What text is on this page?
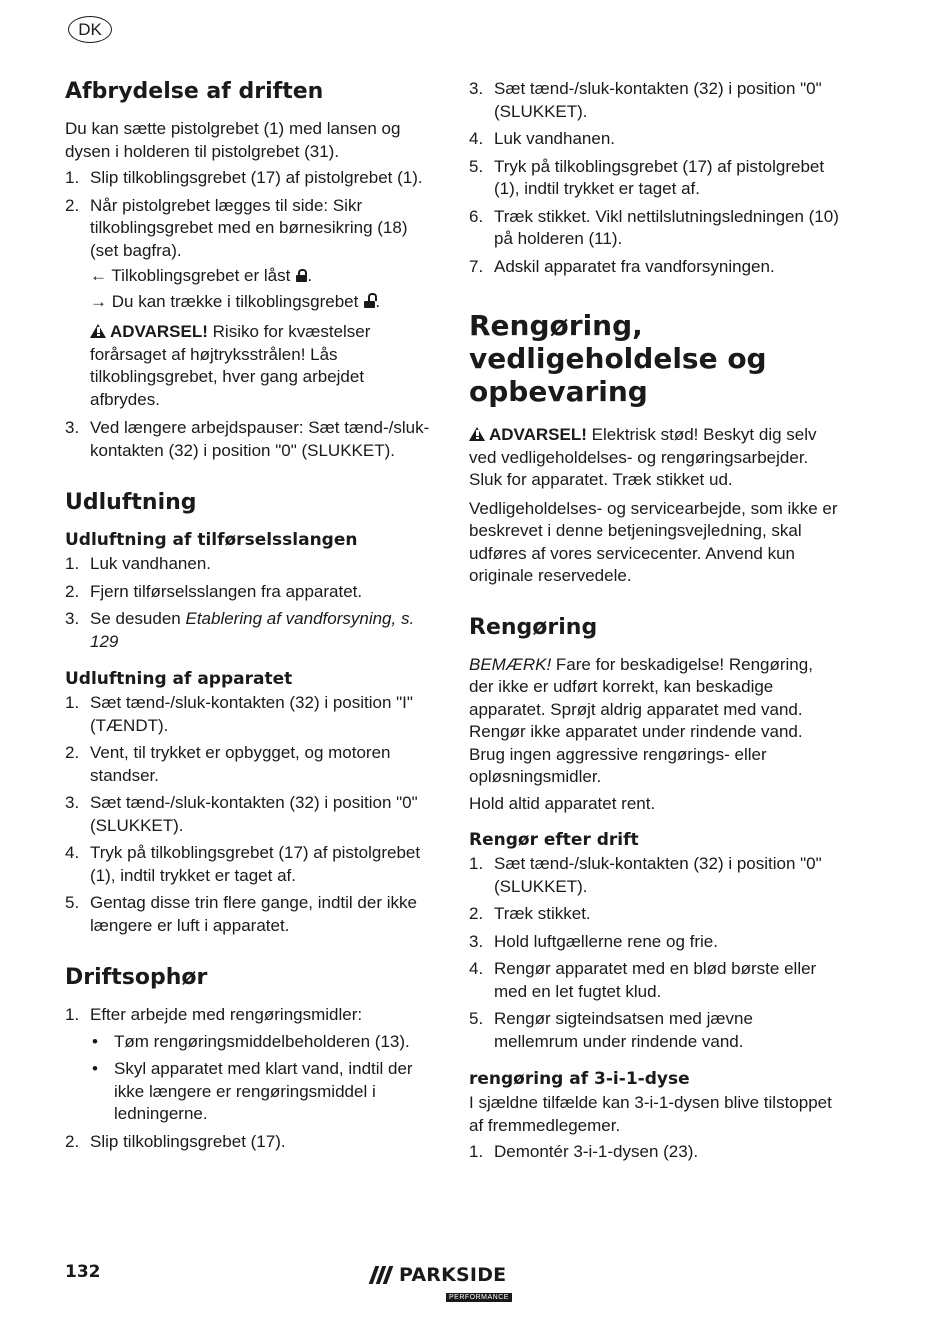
DK
Afbrydelse af driften

Du kan sætte pistolgrebet (1) med lansen og dysen i holderen til pistolgrebet (31).

1. Slip tilkoblingsgrebet (17) af pistolgrebet (1).
2. Når pistolgrebet lægges til side: Sikr tilkoblingsgrebet med en børnesikring (18) (set bagfra).
← Tilkoblingsgrebet er låst .
→ Du kan trække i tilkoblingsgrebet .
ADVARSEL! Risiko for kvæstelser forårsaget af højtryksstrålen! Lås tilkoblingsgrebet, hver gang arbejdet afbrydes.
3. Ved længere arbejdspauser: Sæt tænd-/sluk-kontakten (32) i position "0" (SLUKKET).
Udluftning
Udluftning af tilførselsslangen
1. Luk vandhanen.
2. Fjern tilførselsslangen fra apparatet.
3. Se desuden Etablering af vandforsyning, s. 129
Udluftning af apparatet
1. Sæt tænd-/sluk-kontakten (32) i position "I" (TÆNDT).
2. Vent, til trykket er opbygget, og motoren standser.
3. Sæt tænd-/sluk-kontakten (32) i position "0" (SLUKKET).
4. Tryk på tilkoblingsgrebet (17) af pistolgrebet (1), indtil trykket er taget af.
5. Gentag disse trin flere gange, indtil der ikke længere er luft i apparatet.
Driftsophør
1. Efter arbejde med rengøringsmidler:
• Tøm rengøringsmiddelbeholderen (13).
• Skyl apparatet med klart vand, indtil der ikke længere er rengøringsmiddel i ledningerne.
2. Slip tilkoblingsgrebet (17).
3. Sæt tænd-/sluk-kontakten (32) i position "0" (SLUKKET).
4. Luk vandhanen.
5. Tryk på tilkoblingsgrebet (17) af pistolgrebet (1), indtil trykket er taget af.
6. Træk stikket. Vikl nettilslutningsledningen (10) på holderen (11).
7. Adskil apparatet fra vandforsyningen.
Rengøring, vedligeholdelse og opbevaring
ADVARSEL! Elektrisk stød! Beskyt dig selv ved vedligeholdelses- og rengøringsarbejder. Sluk for apparatet. Træk stikket ud.

Vedligeholdelses- og servicearbejde, som ikke er beskrevet i denne betjeningsvejledning, skal udføres af vores servicecenter. Anvend kun originale reservedele.

Rengøring

BEMÆRK! Fare for beskadigelse! Rengøring, der ikke er udført korrekt, kan beskadige apparatet. Sprøjt aldrig apparatet med vand. Rengør ikke apparatet under rindende vand. Brug ingen aggressive rengørings- eller opløsningsmidler.

Hold altid apparatet rent.

Rengør efter drift
1. Sæt tænd-/sluk-kontakten (32) i position "0" (SLUKKET).
2. Træk stikket.
3. Hold luftgællerne rene og frie.
4. Rengør apparatet med en blød børste eller med en let fugtet klud.
5. Rengør sigteindsatsen med jævne mellemrum under rindende vand.
rengøring af 3-i-1-dyse

I sjældne tilfælde kan 3-i-1-dysen blive tilstoppet af fremmedlegemer.

1. Demontér 3-i-1-dysen (23).
132	PARKSIDE
PERFORMANCE
